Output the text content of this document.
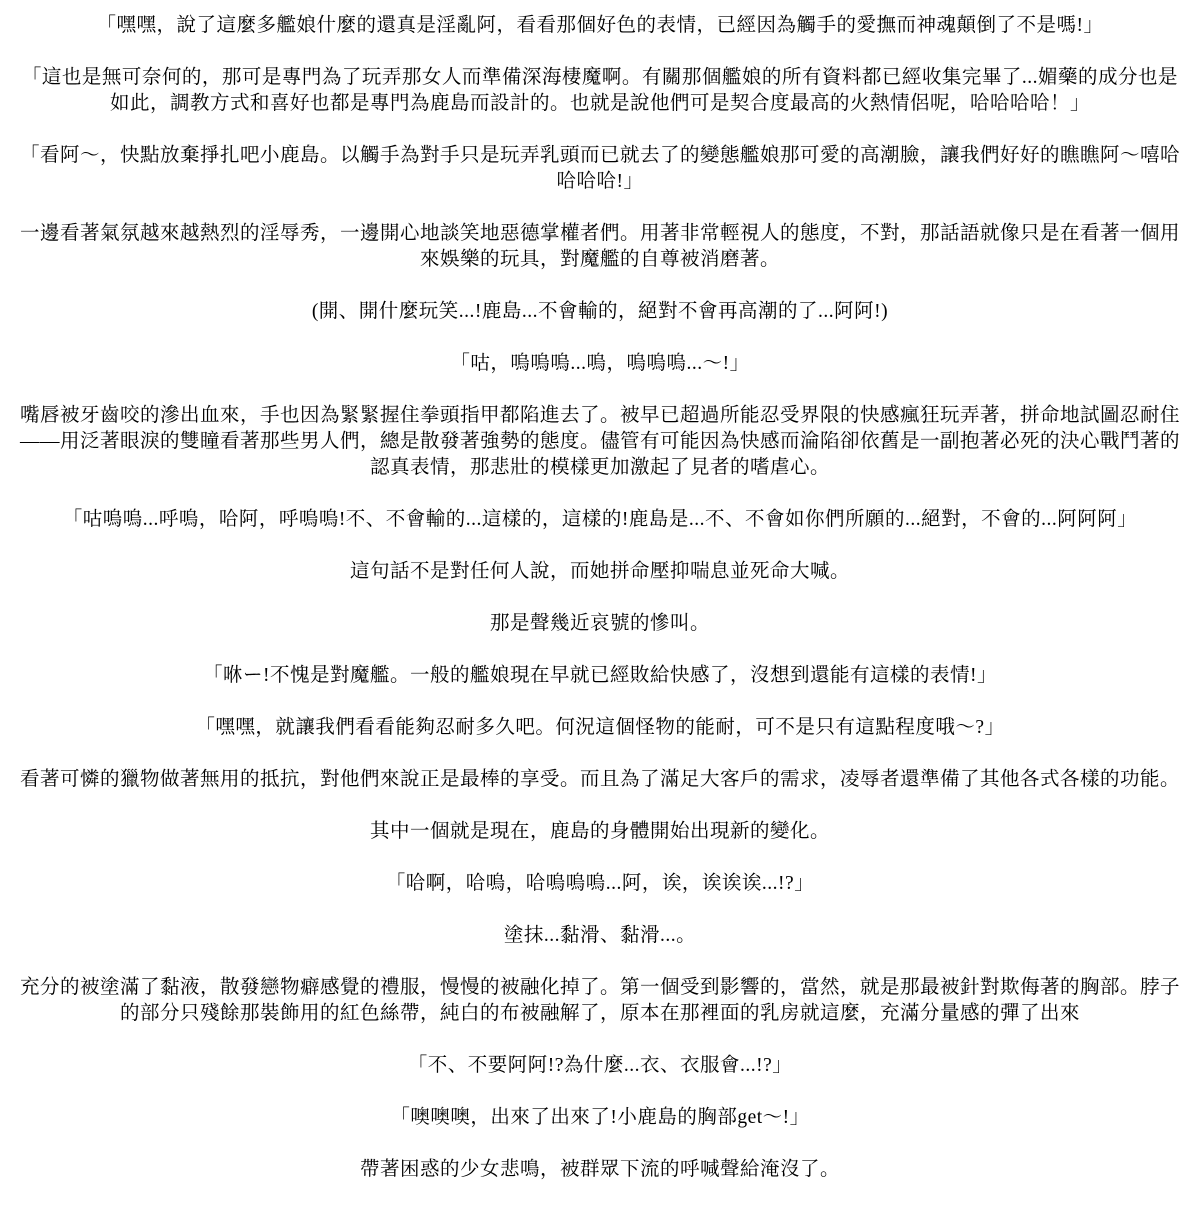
「嘿嘿，說了這麼多艦娘什麼的還真是淫亂阿，看看那個好色的表情，已經因為觸手的愛撫而神魂顛倒了不是嗎!」

「這也是無可奈何的，那可是專門為了玩弄那女人而準備深海棲魔啊。有關那個艦娘的所有資料都已經收集完畢了...媚藥的成分也是如此，調教方式和喜好也都是專門為鹿島而設計的。也就是說他們可是契合度最高的火熱情侶呢，哈哈哈哈！」

「看阿～，快點放棄掙扎吧小鹿島。以觸手為對手只是玩弄乳頭而已就去了的變態艦娘那可愛的高潮臉，讓我們好好的瞧瞧阿～嘻哈哈哈哈!」

一邊看著氣氛越來越熱烈的淫辱秀，一邊開心地談笑地惡德掌權者們。用著非常輕視人的態度，不對，那話語就像只是在看著一個用來娛樂的玩具，對魔艦的自尊被消磨著。

(開、開什麼玩笑...!鹿島...不會輸的，絕對不會再高潮的了...阿阿!)

「咕，嗚嗚嗚...嗚，嗚嗚嗚...～!」

嘴唇被牙齒咬的滲出血來，手也因為緊緊握住拳頭指甲都陷進去了。被早已超過所能忍受界限的快感瘋狂玩弄著，拼命地試圖忍耐住——用泛著眼淚的雙瞳看著那些男人們，總是散發著強勢的態度。儘管有可能因為快感而淪陷卻依舊是一副抱著必死的決心戰鬥著的認真表情，那悲壯的模樣更加激起了見者的嗜虐心。

「咕嗚嗚...呼嗚，哈阿，呼嗚嗚!不、不會輸的...這樣的，這樣的!鹿島是...不、不會如你們所願的...絕對，不會的...阿阿阿」

這句話不是對任何人說，而她拼命壓抑喘息並死命大喊。

那是聲幾近哀號的慘叫。

「咻ー!不愧是對魔艦。一般的艦娘現在早就已經敗給快感了，沒想到還能有這樣的表情!」

「嘿嘿，就讓我們看看能夠忍耐多久吧。何況這個怪物的能耐，可不是只有這點程度哦～?」

看著可憐的獵物做著無用的抵抗，對他們來說正是最棒的享受。而且為了滿足大客戶的需求，凌辱者還準備了其他各式各樣的功能。

其中一個就是現在，鹿島的身體開始出現新的變化。

「哈啊，哈嗚，哈嗚嗚嗚...阿，诶，诶诶诶...!?」

塗抹...黏滑、黏滑...。

充分的被塗滿了黏液，散發戀物癖感覺的禮服，慢慢的被融化掉了。第一個受到影響的，當然，就是那最被針對欺侮著的胸部。脖子的部分只殘餘那裝飾用的紅色絲帶，純白的布被融解了，原本在那裡面的乳房就這麼，充滿分量感的彈了出來

「不、不要阿阿!?為什麼...衣、衣服會...!?」

「噢噢噢，出來了出來了!小鹿島的胸部get～!」

帶著困惑的少女悲鳴，被群眾下流的呼喊聲給淹沒了。
